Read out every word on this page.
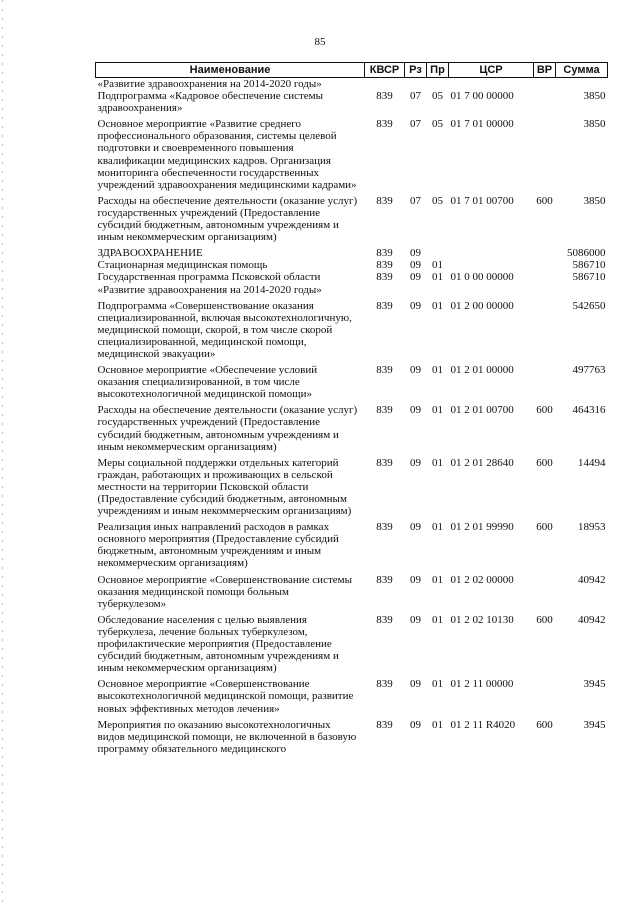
85
Наименование	КВСР	Рз	Пр	ЦСР	ВР	Сумма
«Развитие здравоохранения на 2014-2020 годы»						
Подпрограмма «Кадровое обеспечение системы здравоохранения»	839	07	05	01 7 00 00000		3850
Основное мероприятие «Развитие среднего профессионального образования, системы целевой подготовки и своевременного повышения квалификации медицинских кадров. Организация мониторинга обеспеченности государственных учреждений здравоохранения медицинскими кадрами»	839	07	05	01 7 01 00000		3850
Расходы на обеспечение деятельности (оказание услуг) государственных учреждений (Предоставление субсидий бюджетным, автономным учреждениям и иным некоммерческим организациям)	839	07	05	01 7 01 00700	600	3850
ЗДРАВООХРАНЕНИЕ	839	09				5086000
Стационарная медицинская помощь	839	09	01			586710
Государственная программа Псковской области «Развитие здравоохранения на 2014-2020 годы»	839	09	01	01 0 00 00000		586710
Подпрограмма «Совершенствование оказания специализированной, включая высокотехнологичную, медицинской помощи, скорой, в том числе скорой специализированной, медицинской помощи, медицинской эвакуации»	839	09	01	01 2 00 00000		542650
Основное мероприятие «Обеспечение условий оказания специализированной, в том числе высокотехнологичной медицинской помощи»	839	09	01	01 2 01 00000		497763
Расходы на обеспечение деятельности (оказание услуг) государственных учреждений (Предоставление субсидий бюджетным, автономным учреждениям и иным некоммерческим организациям)	839	09	01	01 2 01 00700	600	464316
Меры социальной поддержки отдельных категорий граждан, работающих и проживающих в сельской местности на территории Псковской области (Предоставление субсидий бюджетным, автономным учреждениям и иным некоммерческим организациям)	839	09	01	01 2 01 28640	600	14494
Реализация иных направлений расходов в рамках основного мероприятия (Предоставление субсидий бюджетным, автономным учреждениям и иным некоммерческим организациям)	839	09	01	01 2 01 99990	600	18953
Основное мероприятие «Совершенствование системы оказания медицинской помощи больным туберкулезом»	839	09	01	01 2 02 00000		40942
Обследование населения с целью выявления туберкулеза, лечение больных туберкулезом, профилактические мероприятия (Предоставление субсидий бюджетным, автономным учреждениям и иным некоммерческим организациям)	839	09	01	01 2 02 10130	600	40942
Основное мероприятие «Совершенствование высокотехнологичной медицинской помощи, развитие новых эффективных методов лечения»	839	09	01	01 2 11 00000		3945
Мероприятия по оказанию высокотехнологичных видов медицинской помощи, не включенной в базовую программу обязательного медицинского	839	09	01	01 2 11 R4020	600	3945
